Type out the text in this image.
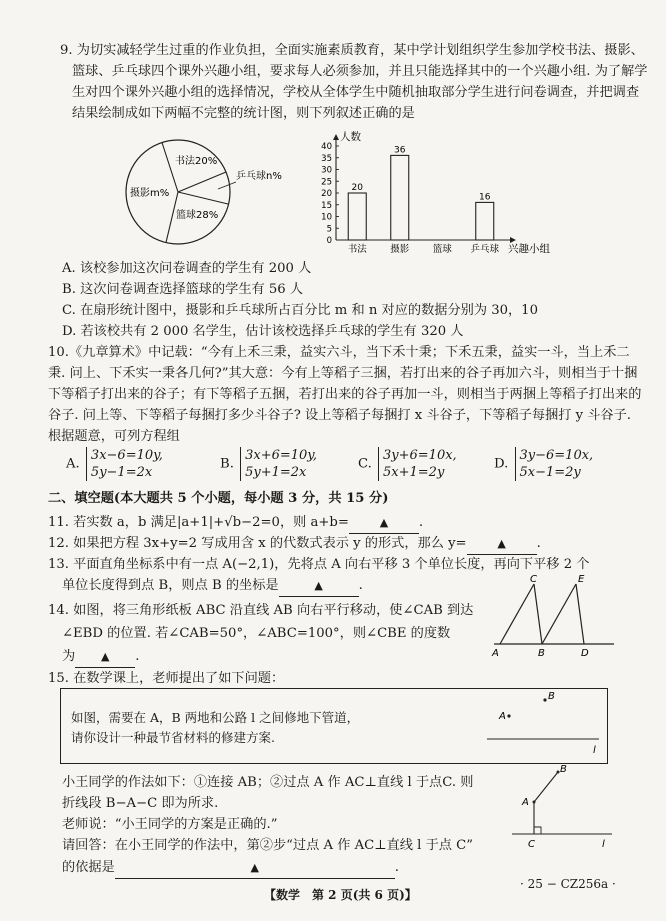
9. 为切实减轻学生过重的作业负担，全面实施素质教育，某中学计划组织学生参加学校书法、摄影、篮球、乒乓球四个课外兴趣小组，要求每人必须参加，并且只能选择其中的一个兴趣小组. 为了解学生对四个课外兴趣小组的选择情况，学校从全体学生中随机抽取部分学生进行问卷调查，并把调查结果绘制成如下两幅不完整的统计图，则下列叙述正确的是
书法20%
摄影m%
篮球28%
乒乓球n%
人数
兴趣小组
0
5
10
15
20
25
30
35
40
书法
20
摄影
36
篮球 乒乓球
16
A. 该校参加这次问卷调查的学生有 200 人
B. 这次问卷调查选择篮球的学生有 56 人
C. 在扇形统计图中，摄影和乒乓球所占百分比 m 和 n 对应的数据分别为 30，10
D. 若该校共有 2 000 名学生，估计该校选择乒乓球的学生有 320 人
10.《九章算术》中记载：“今有上禾三秉，益实六斗，当下禾十秉；下禾五秉，益实一斗，当上禾二秉. 问上、下禾实一秉各几何?”其大意：今有上等稻子三捆，若打出来的谷子再加六斗，则相当于十捆下等稻子打出来的谷子；有下等稻子五捆，若打出来的谷子再加一斗，则相当于两捆上等稻子打出来的谷子. 问上等、下等稻子每捆打多少斗谷子? 设上等稻子每捆打 x 斗谷子，下等稻子每捆打 y 斗谷子. 根据题意，可列方程组
A. 3x−6=10y,
5y−1=2x
B. 3x+6=10y,
5y+1=2x
C. 3y+6=10x,
5x+1=2y
D. 3y−6=10x,
5x−1=2y
二、填空题(本大题共 5 个小题，每小题 3 分，共 15 分)
11. 若实数 a，b 满足|a+1|+√b−2=0，则 a+b=	▲ .
12. 如果把方程 3x+y=2 写成用含 x 的代数式表示 y 的形式，那么 y=	▲ .
13. 平面直角坐标系中有一点 A(−2,1)，先将点 A 向右平移 3 个单位长度，再向下平移 2 个
单位长度得到点 B，则点 B 的坐标是	▲	.
14. 如图，将三角形纸板 ABC 沿直线 AB 向右平行移动，使∠CAB 到达
∠EBD 的位置. 若∠CAB=50°，∠ABC=100°，则∠CBE 的度数
为 ▲ .	A	B	D
C	E
15. 在数学课上，老师提出了如下问题：
如图，需要在 A，B 两地和公路 l 之间修地下管道，
请你设计一种最节省材料的修建方案.
B
A
l
小王同学的作法如下：①连接 AB；②过点 A 作 AC⊥直线 l 于点C. 则
折线段 B−A−C 即为所求.
老师说：“小王同学的方案是正确的.”
请回答：在小王同学的作法中，第②步“过点 A 作 AC⊥直线 l 于点 C”
的依据是	▲	.
B
A
C	l
【数学　第 2 页(共 6 页)】
· 25 − CZ256a ·
